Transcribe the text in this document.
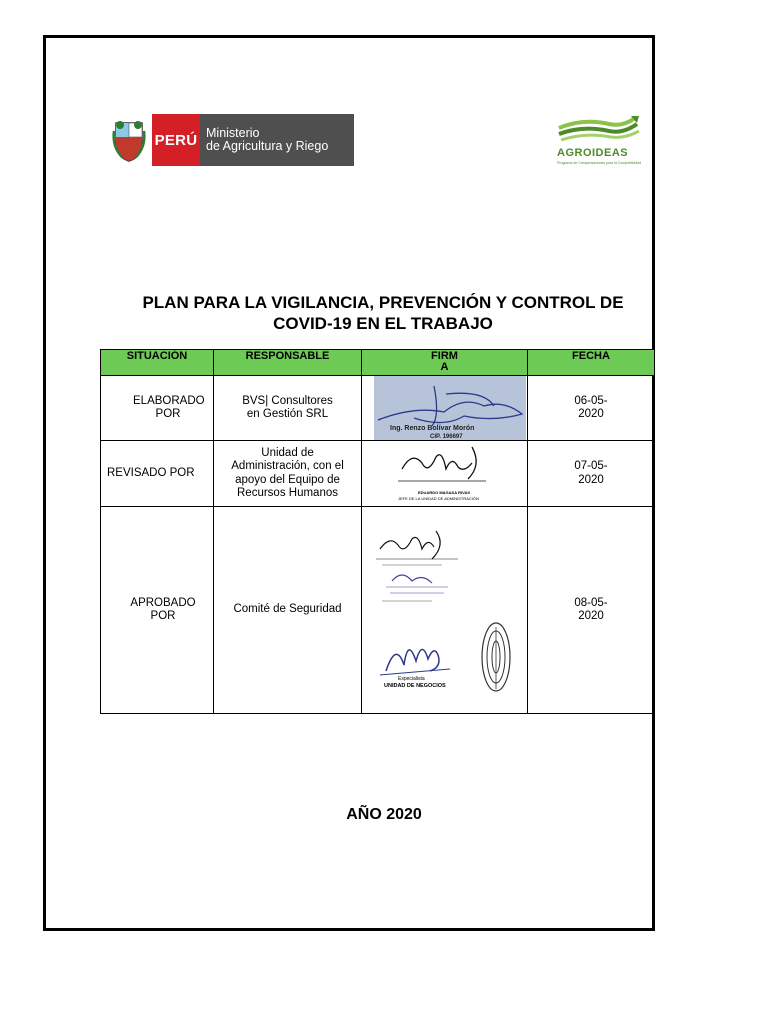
PERÚ Ministerio
de Agricultura y Riego	AGROIDEAS
Programa de Compensaciones para la Competitividad
PLAN PARA LA VIGILANCIA, PREVENCIÓN Y CONTROL DE
COVID-19 EN EL TRABAJO
SITUACIÓN	RESPONSABLE	FIRMA	FECHA

ELABORADO POR	BVS| Consultores en Gestión SRL	Ing. Renzo Bolívar Morón
CIP. 196697	06-05-2020

REVISADO POR	Unidad de Administración, con el apoyo del Equipo de Recursos Humanos	EDUARDO MAGASA RIVAS
JEFE DE LA UNIDAD DE ADMINISTRACIÓN	07-05-2020

APROBADO POR	Comité de Seguridad	Especialista
UNIDAD DE NEGOCIOS	08-05-2020
AÑO 2020
